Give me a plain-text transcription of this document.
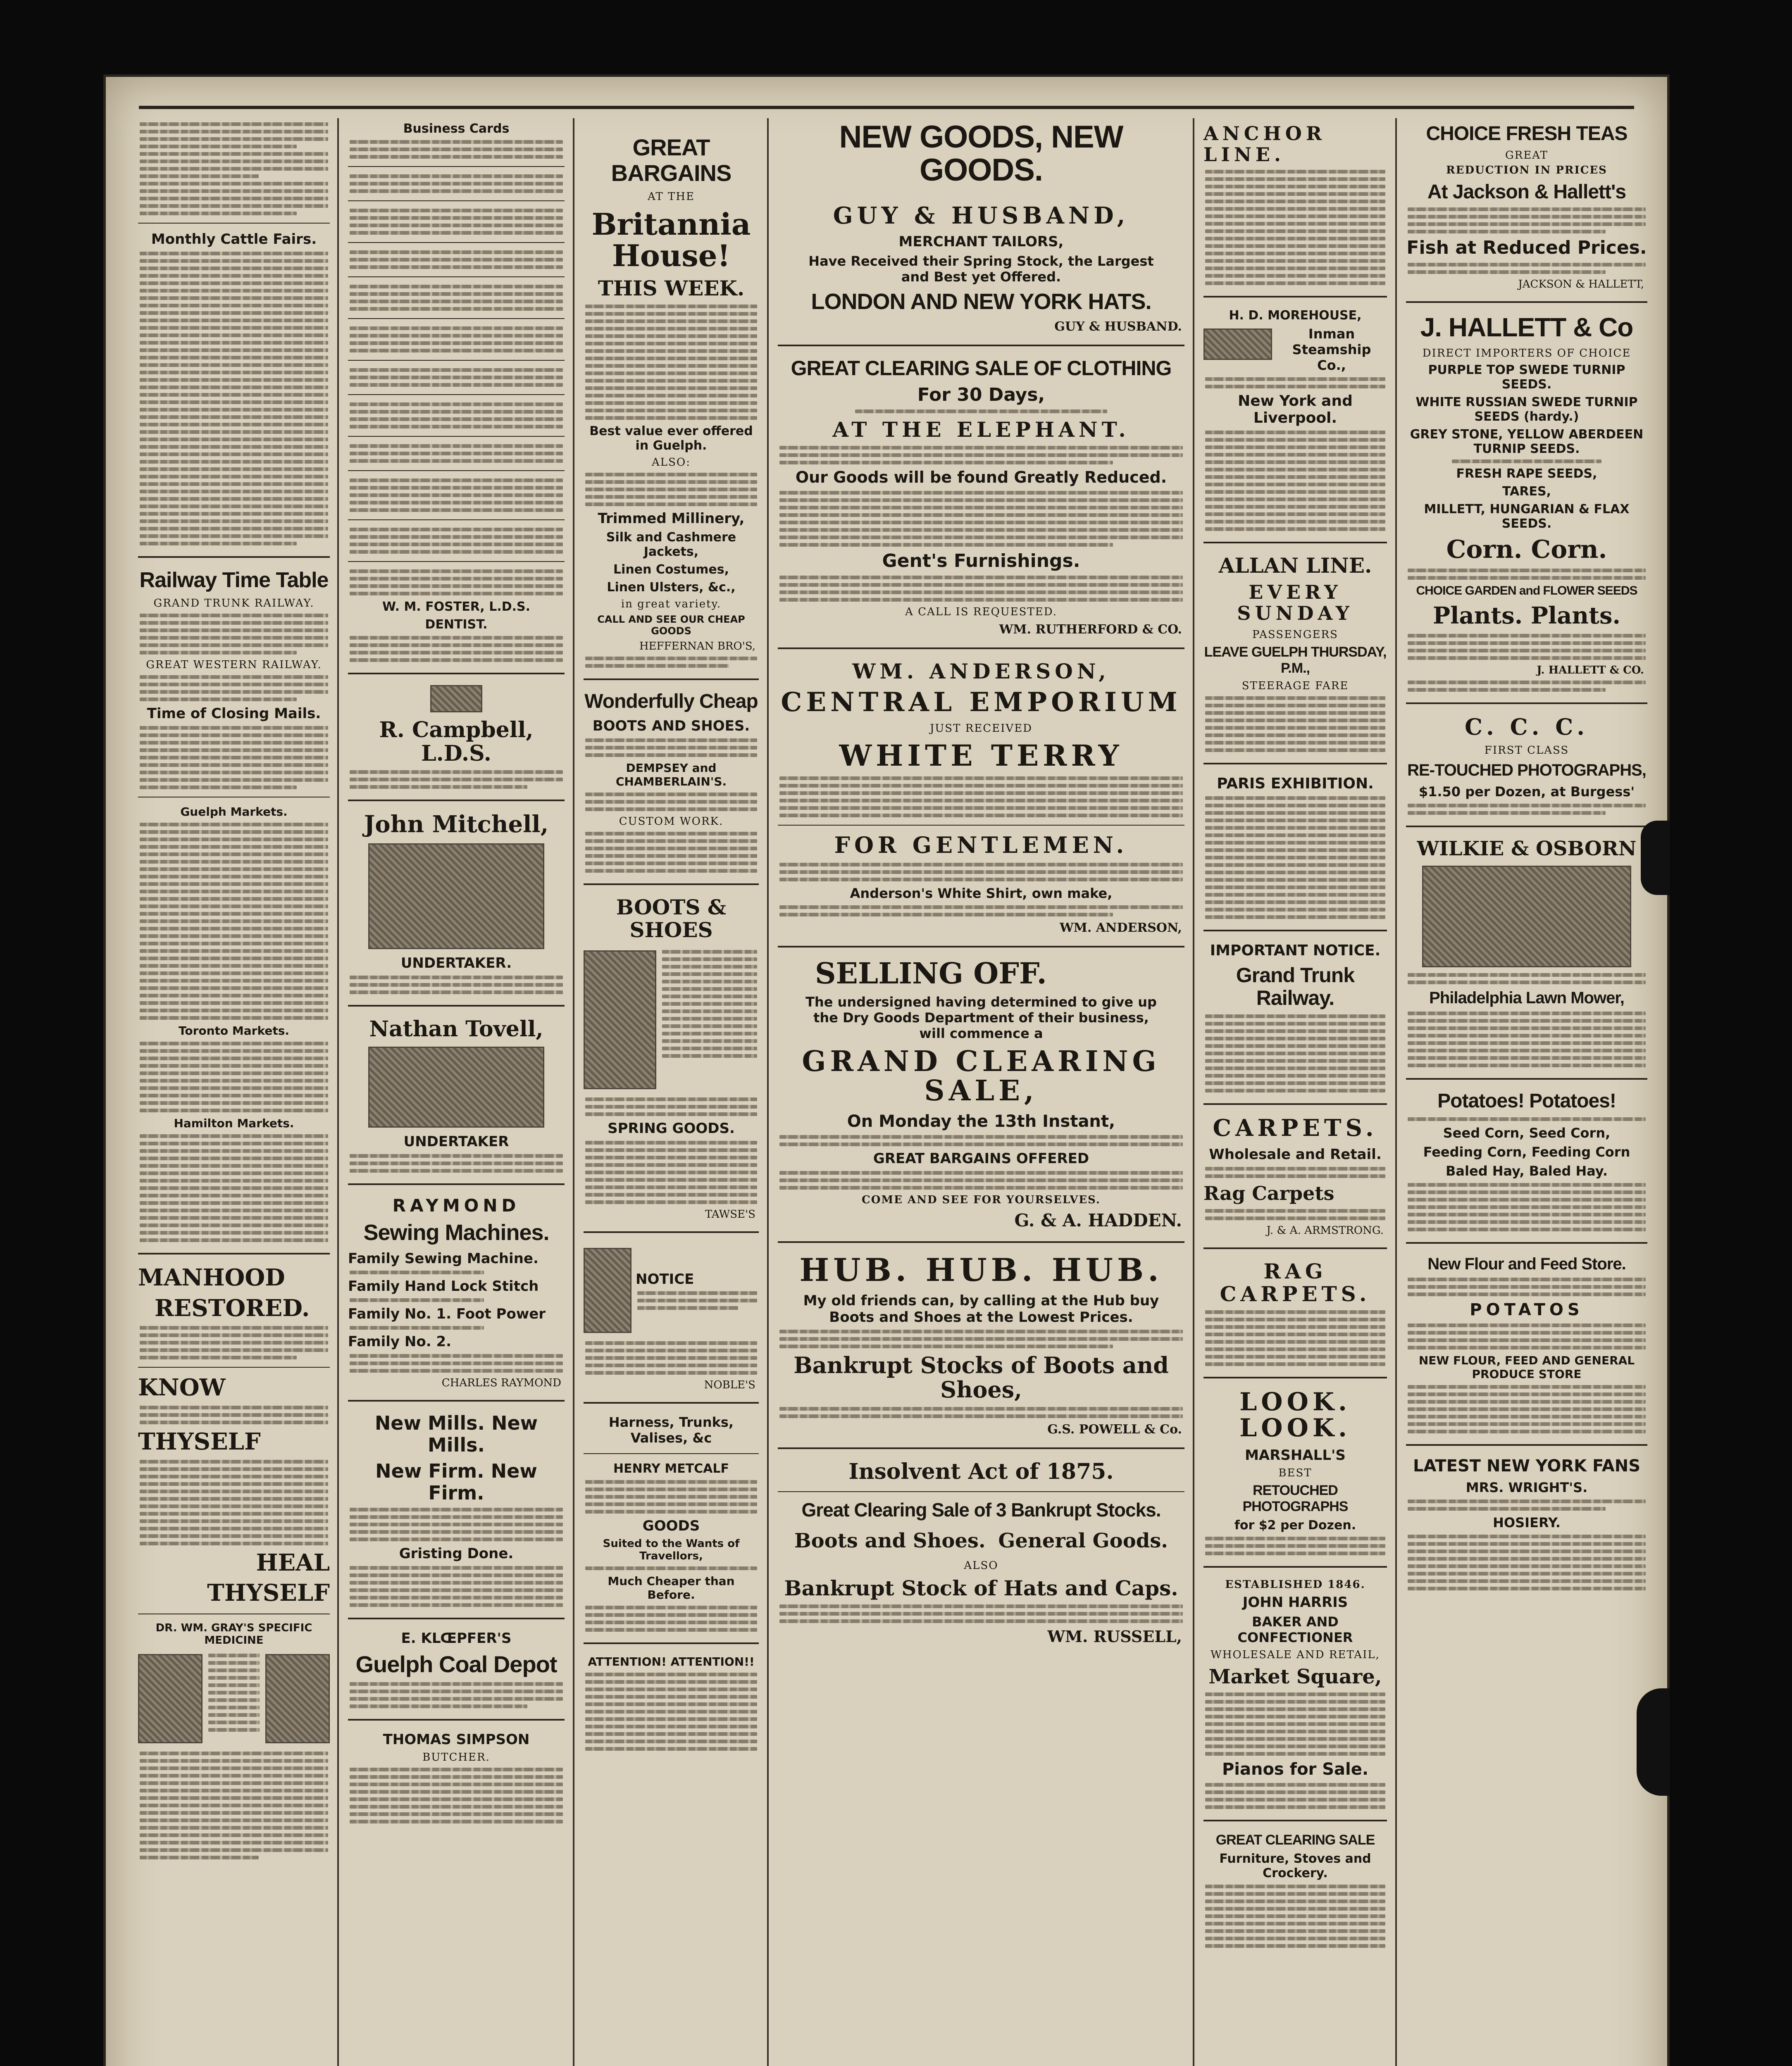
Monthly Cattle Fairs.
Railway Time Table
GRAND TRUNK RAILWAY.
GREAT WESTERN RAILWAY.
Time of Closing Mails.
Guelph Markets.
Toronto Markets.
Hamilton Markets.
MANHOOD
RESTORED.
KNOW
THYSELF
HEAL
THYSELF
DR. WM. GRAY'S SPECIFIC MEDICINE
Business Cards
W. M. FOSTER, L.D.S.
DENTIST.
R. Campbell, L.D.S.
John Mitchell,
UNDERTAKER.
Nathan Tovell,
UNDERTAKER
RAYMOND
Sewing Machines.
Family Sewing Machine.
Family Hand Lock Stitch
Family No. 1. Foot Power
Family No. 2.
CHARLES RAYMOND
New Mills. New Mills.
New Firm. New Firm.
Gristing Done.
E. KLŒPFER'S
Guelph Coal Depot
THOMAS SIMPSON
BUTCHER.
GREAT BARGAINS
AT THE
Britannia House!
THIS WEEK.
Best value ever offered in Guelph.
ALSO:
Trimmed Millinery,
Silk and Cashmere Jackets,
Linen Costumes,
Linen Ulsters, &c.,
in great variety.
CALL AND SEE OUR CHEAP GOODS
HEFFERNAN BRO'S,
Wonderfully Cheap
BOOTS AND SHOES.
DEMPSEY and CHAMBERLAIN'S.
CUSTOM WORK.
BOOTS & SHOES
SPRING GOODS.
TAWSE'S
NOTICE
NOBLE'S
Harness, Trunks, Valises, &c
HENRY METCALF
GOODS
Suited to the Wants of Travellors,
Much Cheaper than Before.
ATTENTION! ATTENTION!!
NEW GOODS, NEW GOODS.
GUY & HUSBAND,
MERCHANT TAILORS,
Have Received their Spring Stock, the Largest and Best yet Offered.
LONDON AND NEW YORK HATS.
GUY & HUSBAND.
GREAT CLEARING SALE OF CLOTHING
For 30 Days,
AT THE ELEPHANT.
Our Goods will be found Greatly Reduced.
Gent's Furnishings.
A CALL IS REQUESTED.
WM. RUTHERFORD & CO.
WM. ANDERSON,
CENTRAL EMPORIUM
JUST RECEIVED
WHITE TERRY
FOR GENTLEMEN.
Anderson's White Shirt, own make,
WM. ANDERSON,
SELLING OFF.
The undersigned having determined to give up the Dry Goods Department of their business, will commence a
GRAND CLEARING SALE,
On Monday the 13th Instant,
GREAT BARGAINS OFFERED
COME AND SEE FOR YOURSELVES.
G. & A. HADDEN.
HUB. HUB. HUB.
My old friends can, by calling at the Hub buy Boots and Shoes at the Lowest Prices.
Bankrupt Stocks of Boots and Shoes,
G.S. POWELL & Co.
Insolvent Act of 1875.
Great Clearing Sale of 3 Bankrupt Stocks.
Boots and Shoes. General Goods.
ALSO
Bankrupt Stock of Hats and Caps.
WM. RUSSELL,
ANCHOR LINE.
H. D. MOREHOUSE,
Inman Steamship Co.,
New York and Liverpool.
ALLAN LINE.
EVERY SUNDAY
PASSENGERS
LEAVE GUELPH THURSDAY, P.M.,
STEERAGE FARE
PARIS EXHIBITION.
IMPORTANT NOTICE.
Grand Trunk Railway.
CARPETS.
Wholesale and Retail.
Rag Carpets
J. & A. ARMSTRONG.
RAG CARPETS.
LOOK. LOOK.
MARSHALL'S
BEST
RETOUCHED PHOTOGRAPHS
for $2 per Dozen.
ESTABLISHED 1846.
JOHN HARRIS
BAKER AND CONFECTIONER
WHOLESALE AND RETAIL,
Market Square,
Pianos for Sale.
GREAT CLEARING SALE
Furniture, Stoves and Crockery.
CHOICE FRESH TEAS
GREAT
REDUCTION IN PRICES
At Jackson & Hallett's
Fish at Reduced Prices.
JACKSON & HALLETT,
J. HALLETT & Co
DIRECT IMPORTERS OF CHOICE
PURPLE TOP SWEDE TURNIP SEEDS.
WHITE RUSSIAN SWEDE TURNIP SEEDS (hardy.)
GREY STONE, YELLOW ABERDEEN TURNIP SEEDS.
FRESH RAPE SEEDS,
TARES,
MILLETT, HUNGARIAN & FLAX SEEDS.
Corn. Corn.
CHOICE GARDEN and FLOWER SEEDS
Plants. Plants.
J. HALLETT & CO.
C. C. C.
FIRST CLASS
RE-TOUCHED PHOTOGRAPHS,
$1.50 per Dozen, at Burgess'
WILKIE & OSBORN
Philadelphia Lawn Mower,
Potatoes! Potatoes!
Seed Corn, Seed Corn,
Feeding Corn, Feeding Corn
Baled Hay, Baled Hay.
New Flour and Feed Store.
POTATOS
NEW FLOUR, FEED AND GENERAL PRODUCE STORE
LATEST NEW YORK FANS
MRS. WRIGHT'S.
HOSIERY.
